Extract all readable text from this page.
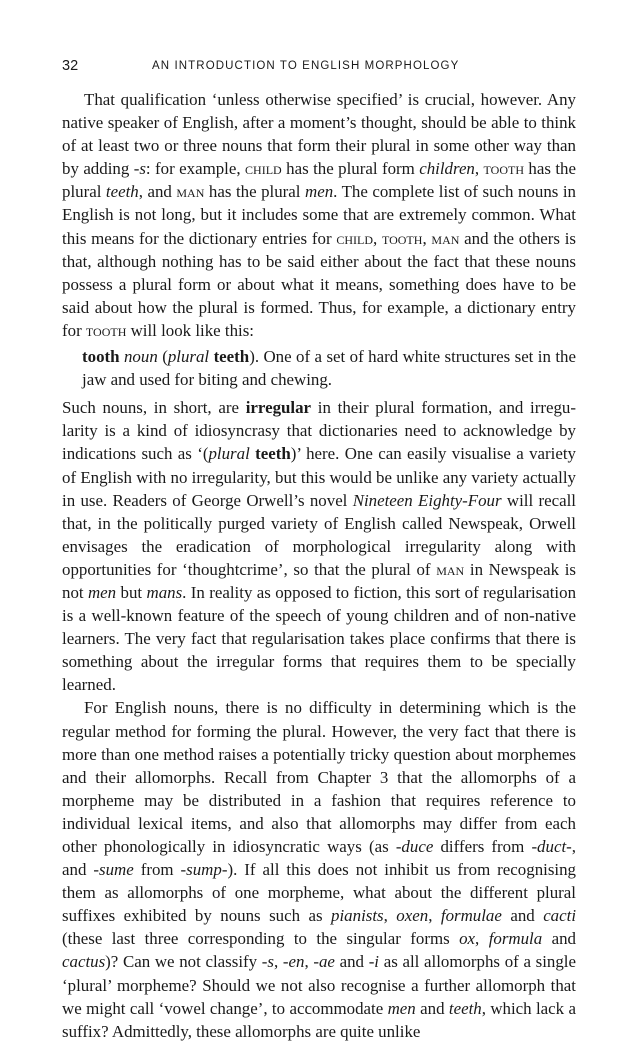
32	AN INTRODUCTION TO ENGLISH MORPHOLOGY

That qualification ‘unless otherwise specified’ is crucial, however. Any native speaker of English, after a moment’s thought, should be able to think of at least two or three nouns that form their plural in some other way than by adding -s: for example, child has the plural form children, tooth has the plural teeth, and man has the plural men. The complete list of such nouns in English is not long, but it includes some that are extremely common. What this means for the dictionary entries for child, tooth, man and the others is that, although nothing has to be said either about the fact that these nouns possess a plural form or about what it means, something does have to be said about how the plural is formed. Thus, for example, a dictionary entry for tooth will look like this:

tooth noun (plural teeth). One of a set of hard white structures set in the jaw and used for biting and chewing.

Such nouns, in short, are irregular in their plural formation, and irregularity is a kind of idiosyncrasy that dictionaries need to acknowledge by indications such as ‘(plural teeth)’ here. One can easily visualise a variety of English with no irregularity, but this would be unlike any variety actually in use. Readers of George Orwell’s novel Nineteen Eighty-Four will recall that, in the politically purged variety of English called Newspeak, Orwell envisages the eradication of morphological irregularity along with opportunities for ‘thoughtcrime’, so that the plural of man in Newspeak is not men but mans. In reality as opposed to fiction, this sort of regularisation is a well-known feature of the speech of young children and of non-native learners. The very fact that regularisation takes place confirms that there is something about the irregular forms that requires them to be specially learned.

For English nouns, there is no difficulty in determining which is the regular method for forming the plural. However, the very fact that there is more than one method raises a potentially tricky question about morphemes and their allomorphs. Recall from Chapter 3 that the allomorphs of a morpheme may be distributed in a fashion that requires reference to individual lexical items, and also that allomorphs may differ from each other phonologically in idiosyncratic ways (as -duce differs from -duct-, and -sume from -sump-). If all this does not inhibit us from recognising them as allomorphs of one morpheme, what about the different plural suffixes exhibited by nouns such as pianists, oxen, formulae and cacti (these last three corresponding to the singular forms ox, formula and cactus)? Can we not classify -s, -en, -ae and -i as all allomorphs of a single ‘plural’ morpheme? Should we not also recognise a further allomorph that we might call ‘vowel change’, to accommodate men and teeth, which lack a suffix? Admittedly, these allomorphs are quite unlike
